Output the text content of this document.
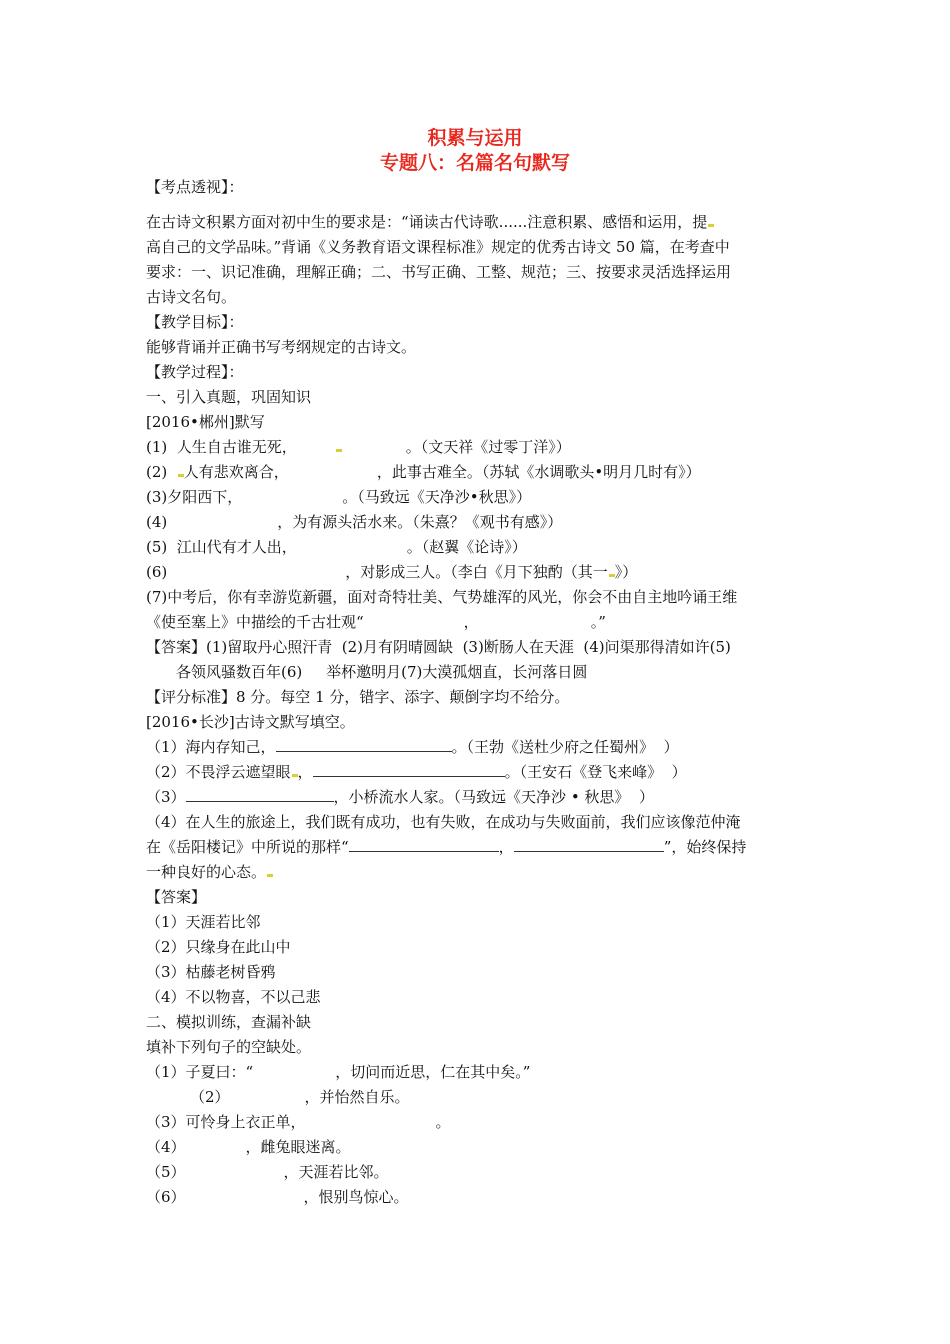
积累与运用
专题八：名篇名句默写
【考点透视】：
在古诗文积累方面对初中生的要求是：“诵读古代诗歌......注意积累、感悟和运用，提
高自己的文学品味。”背诵《义务教育语文课程标准》规定的优秀古诗文 50 篇，在考查中
要求：一、识记准确，理解正确；二、书写正确、工整、规范；三、按要求灵活选择运用
古诗文名句。
【教学目标】：
能够背诵并正确书写考纲规定的古诗文。
【教学过程】：
一、引入真题，巩固知识
[2016•郴州]默写
(1)  人生自古谁无死，	。（文天祥《过零丁洋》）
(2)  人有悲欢离合，	，此事古难全。（苏轼《水调歌头•明月几时有》）
(3)夕阳西下，	。（马致远《天净沙•秋思》）
(4)	，为有源头活水来。（朱熹？《观书有感》）
(5)  江山代有才人出，	。（赵翼《论诗》）
(6)	，对影成三人。（李白《月下独酌（其一 》）
(7)中考后，你有幸游览新疆，面对奇特壮美、气势雄浑的风光，你会不由自主地吟诵王维
《使至塞上》中描绘的千古壮观“	，	。”
【答案】(1)留取丹心照汗青  (2)月有阴晴圆缺  (3)断肠人在天涯  (4)问渠那得清如许(5)
各领风骚数百年(6)     举杯邀明月(7)大漠孤烟直，长河落日圆
【评分标准】8 分。每空 1 分，错字、添字、颠倒字均不给分。
[2016•长沙]古诗文默写填空。
（1）海内存知己，	。（王勃《送杜少府之任蜀州》  ）
（2）不畏浮云遮望眼 ，	。（王安石《登飞来峰》  ）
（3）	，小桥流水人家。（马致远《天净沙 • 秋思》  ）
（4）在人生的旅途上，我们既有成功，也有失败，在成功与失败面前，我们应该像范仲淹
在《岳阳楼记》中所说的那样“	，	”，始终保持
一种良好的心态。
【答案】
（1）天涯若比邻
（2）只缘身在此山中
（3）枯藤老树昏鸦
（4）不以物喜，不以己悲
二、模拟训练，查漏补缺
填补下列句子的空缺处。
（1）子夏曰：“	，切问而近思，仁在其中矣。”
（2）	，并怡然自乐。
（3）可怜身上衣正单，	。
（4）	，雌兔眼迷离。
（5）	，天涯若比邻。
（6）	，恨别鸟惊心。
